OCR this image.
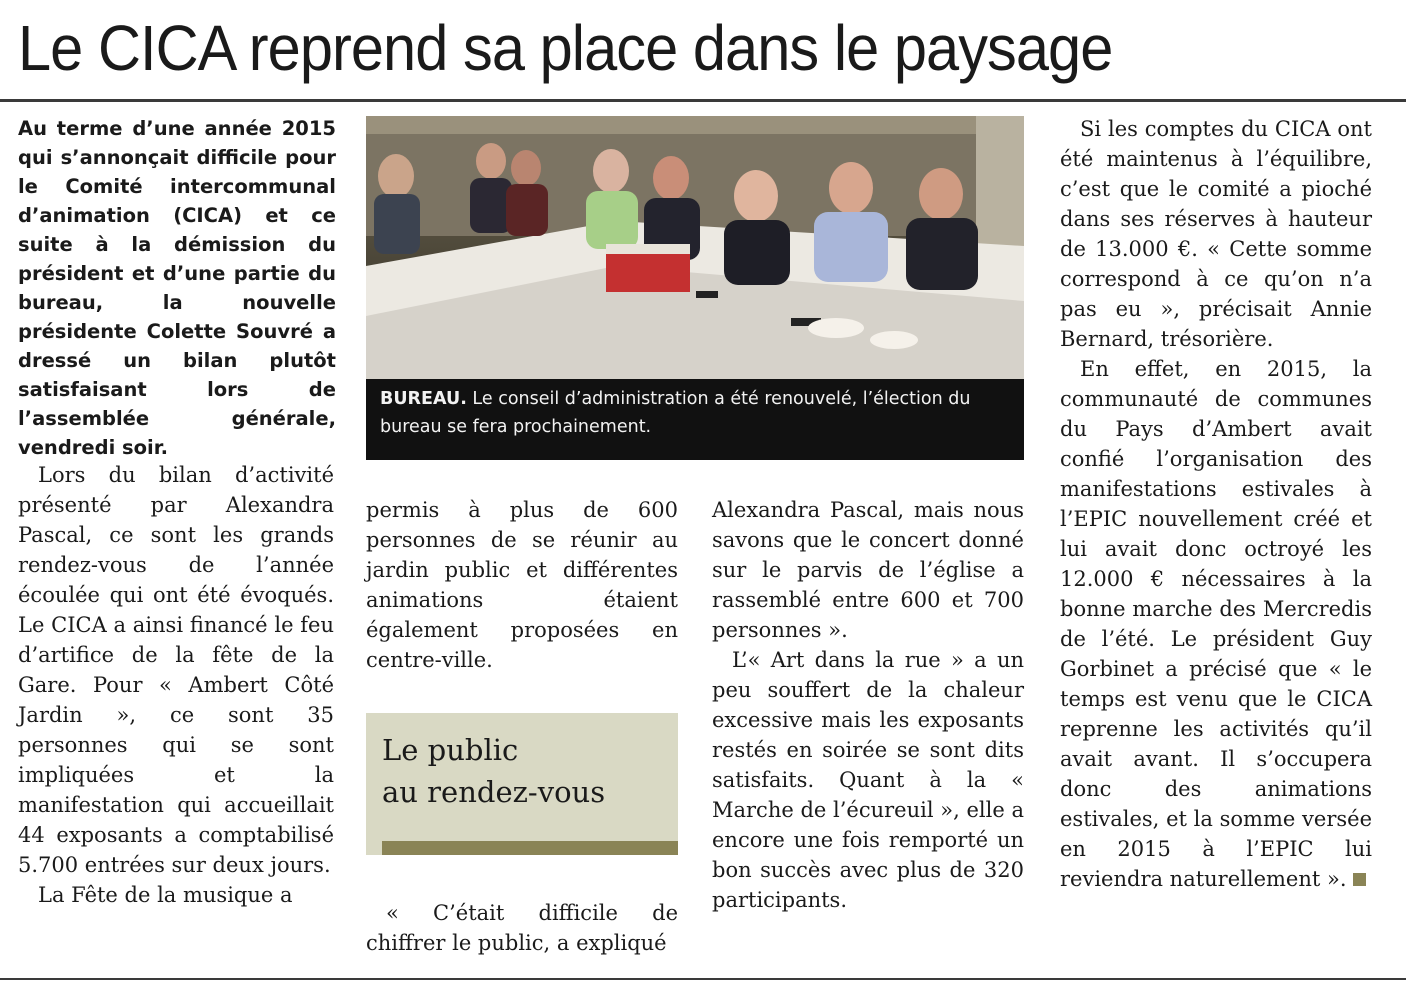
Le CICA reprend sa place dans le paysage

Au terme d’une année 2015 qui s’annonçait difficile pour le Comité intercommunal d’animation (CICA) et ce suite à la démission du président et d’une partie du bureau, la nouvelle présidente Colette Souvré a dressé un bilan plutôt satisfaisant lors de l’assemblée générale, vendredi soir.

Lors du bilan d’activité présenté par Alexandra Pascal, ce sont les grands rendez-vous de l’année écoulée qui ont été évoqués. Le CICA a ainsi financé le feu d’artifice de la fête de la Gare. Pour « Ambert Côté Jardin », ce sont 35 personnes qui se sont impliquées et la manifestation qui accueillait 44 exposants a comptabilisé 5.700 entrées sur deux jours.

La Fête de la musique a

BUREAU. Le conseil d’administration a été renouvelé, l’élection du bureau se fera prochainement.

permis à plus de 600 personnes de se réunir au jardin public et différentes animations étaient également proposées en centre-ville.

Le public
au rendez-vous

« C’était difficile de chiffrer le public, a expliqué

Alexandra Pascal, mais nous savons que le concert donné sur le parvis de l’église a rassemblé entre 600 et 700 personnes ».

L’« Art dans la rue » a un peu souffert de la chaleur excessive mais les exposants restés en soirée se sont dits satisfaits. Quant à la « Marche de l’écureuil », elle a encore une fois remporté un bon succès avec plus de 320 participants.

Si les comptes du CICA ont été maintenus à l’équilibre, c’est que le comité a pioché dans ses réserves à hauteur de 13.000 €. « Cette somme correspond à ce qu’on n’a pas eu », précisait Annie Bernard, trésorière.

En effet, en 2015, la communauté de communes du Pays d’Ambert avait confié l’organisation des manifestations estivales à l’EPIC nouvellement créé et lui avait donc octroyé les 12.000 € nécessaires à la bonne marche des Mercredis de l’été. Le président Guy Gorbinet a précisé que « le temps est venu que le CICA reprenne les activités qu’il avait avant. Il s’occupera donc des animations estivales, et la somme versée en 2015 à l’EPIC lui reviendra naturellement ».
